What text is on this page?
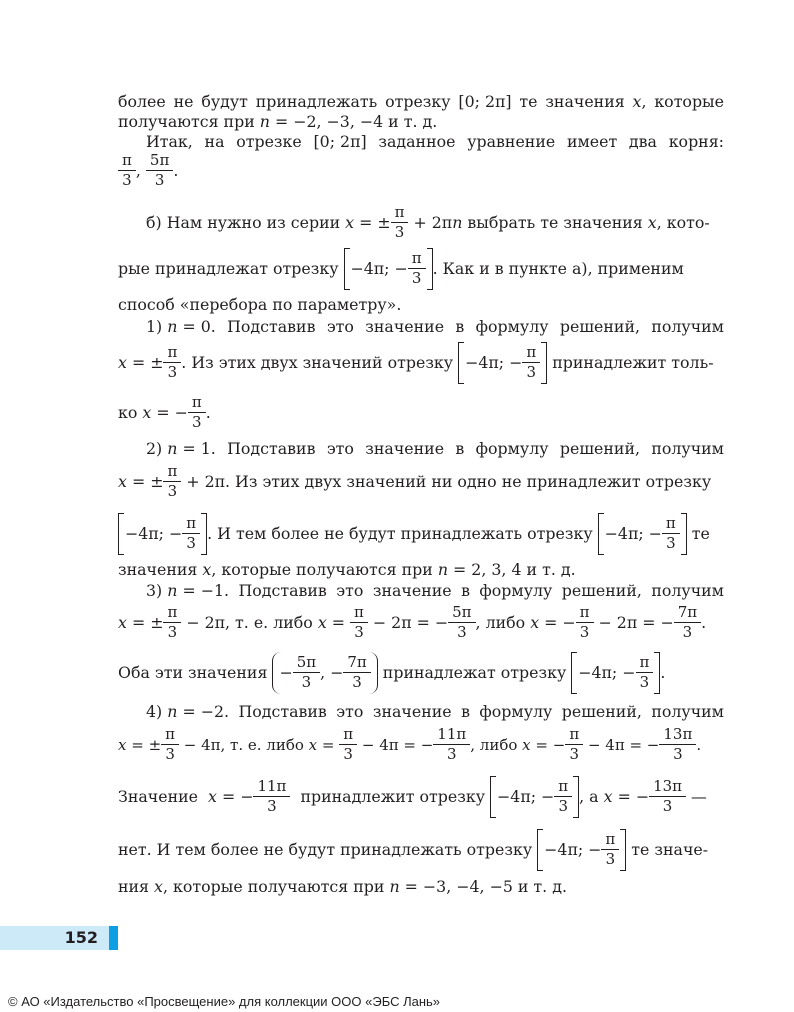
более не будут принадлежать отрезку [0; 2π] те значения x, которые
получаются при n = −2, −3, −4 и т. д.
Итак, на отрезке [0; 2π] заданное уравнение имеет два корня:
$\frac{\pi}{3}$ , $\frac{5\pi}{3}$ .
б) Нам нужно из серии x = ± $\frac{\pi}{3} + 2\pi n$ выбрать те значения x, кото-
рые принадлежат отрезку −4π; − $\frac{\pi}{3}$ . Как и в пункте а), применим
способ «перебора по параметру».
1) n = 0. Подставив это значение в формулу решений, получим
x = ± $\frac{\pi}{3}$ . Из этих двух значений отрезку −4π; − $\frac{\pi}{3}$ принадлежит толь-
ко x = − $\frac{\pi}{3}$ .
2) n = 1. Подставив это значение в формулу решений, получим
x = ± $\frac{\pi}{3} + 2\pi$. Из этих двух значений ни одно не принадлежит отрезку
−4π; − $\frac{\pi}{3}$ . И тем более не будут принадлежать отрезку −4π; − $\frac{\pi}{3}$ те
значения x, которые получаются при n = 2, 3, 4 и т. д.
3) n = −1. Подставив это значение в формулу решений, получим
x = ± $\frac{\pi}{3} - 2\pi$, т. е. либо $x = \frac{\pi}{3} - 2\pi$ = − $\frac{5\pi}{3}$ , либо x = − $\frac{\pi}{3} - 2\pi$ = − $\frac{7\pi}{3}$ .
Оба эти значения − $\frac{5\pi}{3}$ , − $\frac{7\pi}{3}$ принадлежат отрезку −4π; − $\frac{\pi}{3}$ .
4) n = −2. Подставив это значение в формулу решений, получим
x = ± $\frac{\pi}{3} - 4\pi$, т. е. либо $x = \frac{\pi}{3} - 4\pi$ = − $\frac{11\pi}{3}$ , либо x = − $\frac{\pi}{3} - 4\pi$ = − $\frac{13\pi}{3}$ .
Значение  x = − $\frac{11\pi}{3}$ принадлежит отрезку −4π; − $\frac{\pi}{3}$ , а x = − $\frac{13\pi}{3}$ —
нет. И тем более не будут принадлежать отрезку −4π; − $\frac{\pi}{3}$ те значе-
ния x, которые получаются при n = −3, −4, −5 и т. д.
152
© АО «Издательство «Просвещение» для коллекции ООО «ЭБС Лань»
